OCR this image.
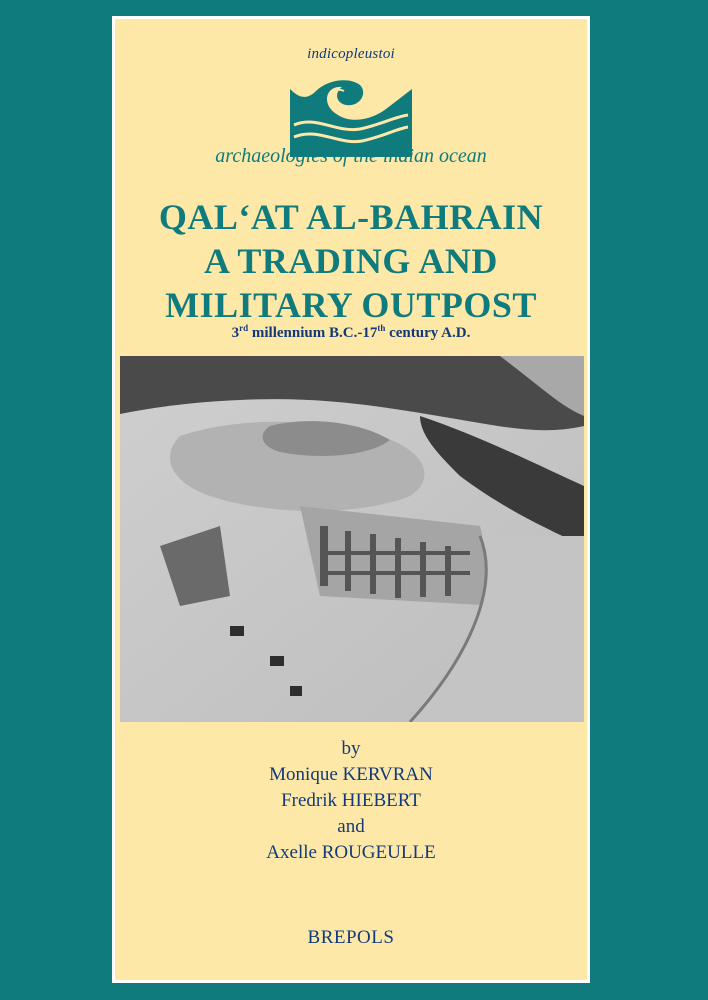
indicopleustoi
archaeologies of the indian ocean
QAL‘AT AL-BAHRAIN
A TRADING AND
MILITARY OUTPOST
3rd millennium B.C.-17th century A.D.
by
Monique KERVRAN
Fredrik HIEBERT
and
Axelle ROUGEULLE
BREPOLS
